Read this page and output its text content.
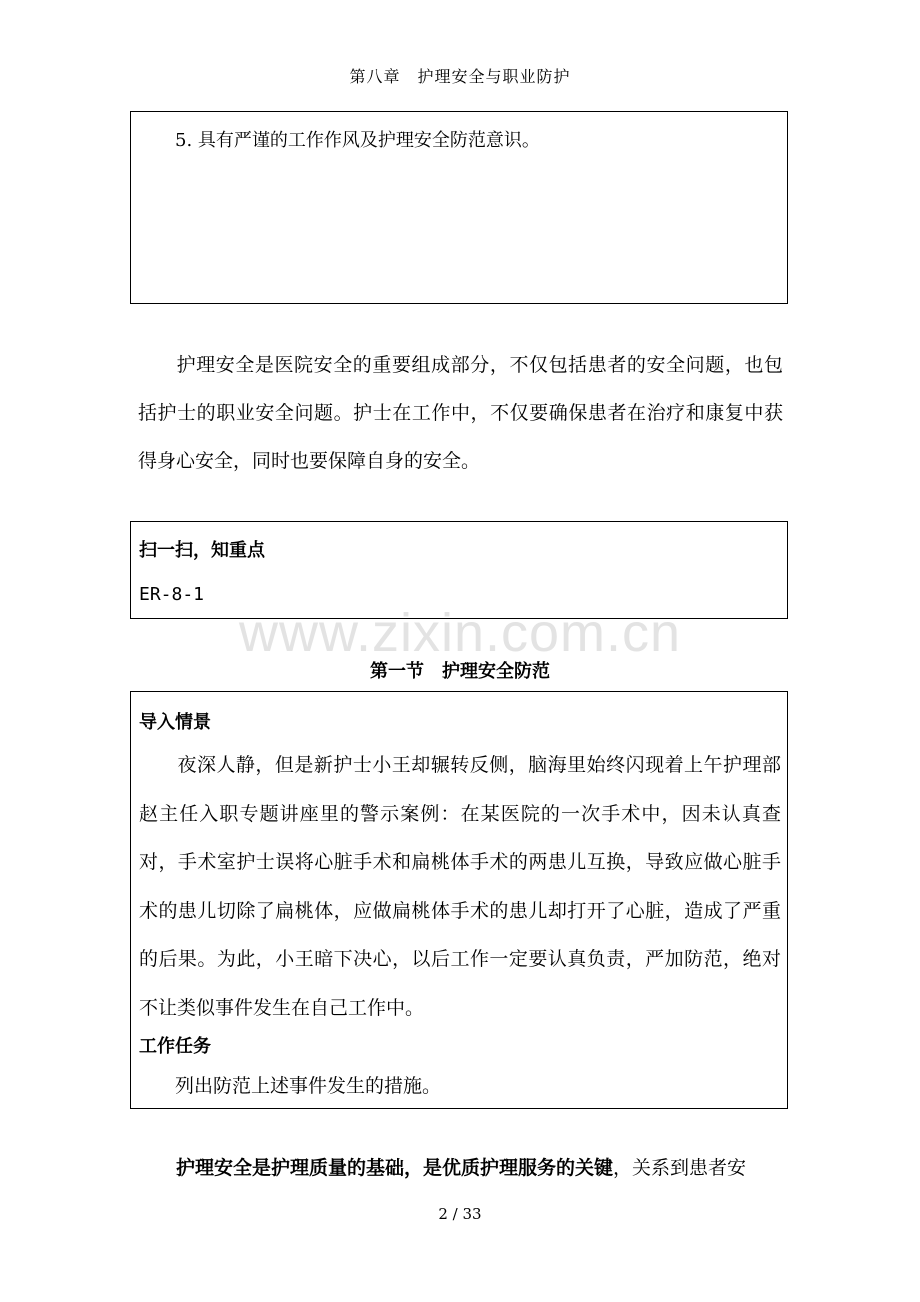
第八章　护理安全与职业防护
5. 具有严谨的工作作风及护理安全防范意识。
护理安全是医院安全的重要组成部分，不仅包括患者的安全问题，也包括护士的职业安全问题。护士在工作中，不仅要确保患者在治疗和康复中获得身心安全，同时也要保障自身的安全。
扫一扫，知重点
ER-8-1
www.zixin.com.cn
第一节　护理安全防范
导入情景
夜深人静，但是新护士小王却辗转反侧，脑海里始终闪现着上午护理部赵主任入职专题讲座里的警示案例：在某医院的一次手术中，因未认真查对，手术室护士误将心脏手术和扁桃体手术的两患儿互换，导致应做心脏手术的患儿切除了扁桃体，应做扁桃体手术的患儿却打开了心脏，造成了严重的后果。为此，小王暗下决心，以后工作一定要认真负责，严加防范，绝对不让类似事件发生在自己工作中。
工作任务
列出防范上述事件发生的措施。
护理安全是护理质量的基础，是优质护理服务的关键，关系到患者安
2 / 33
